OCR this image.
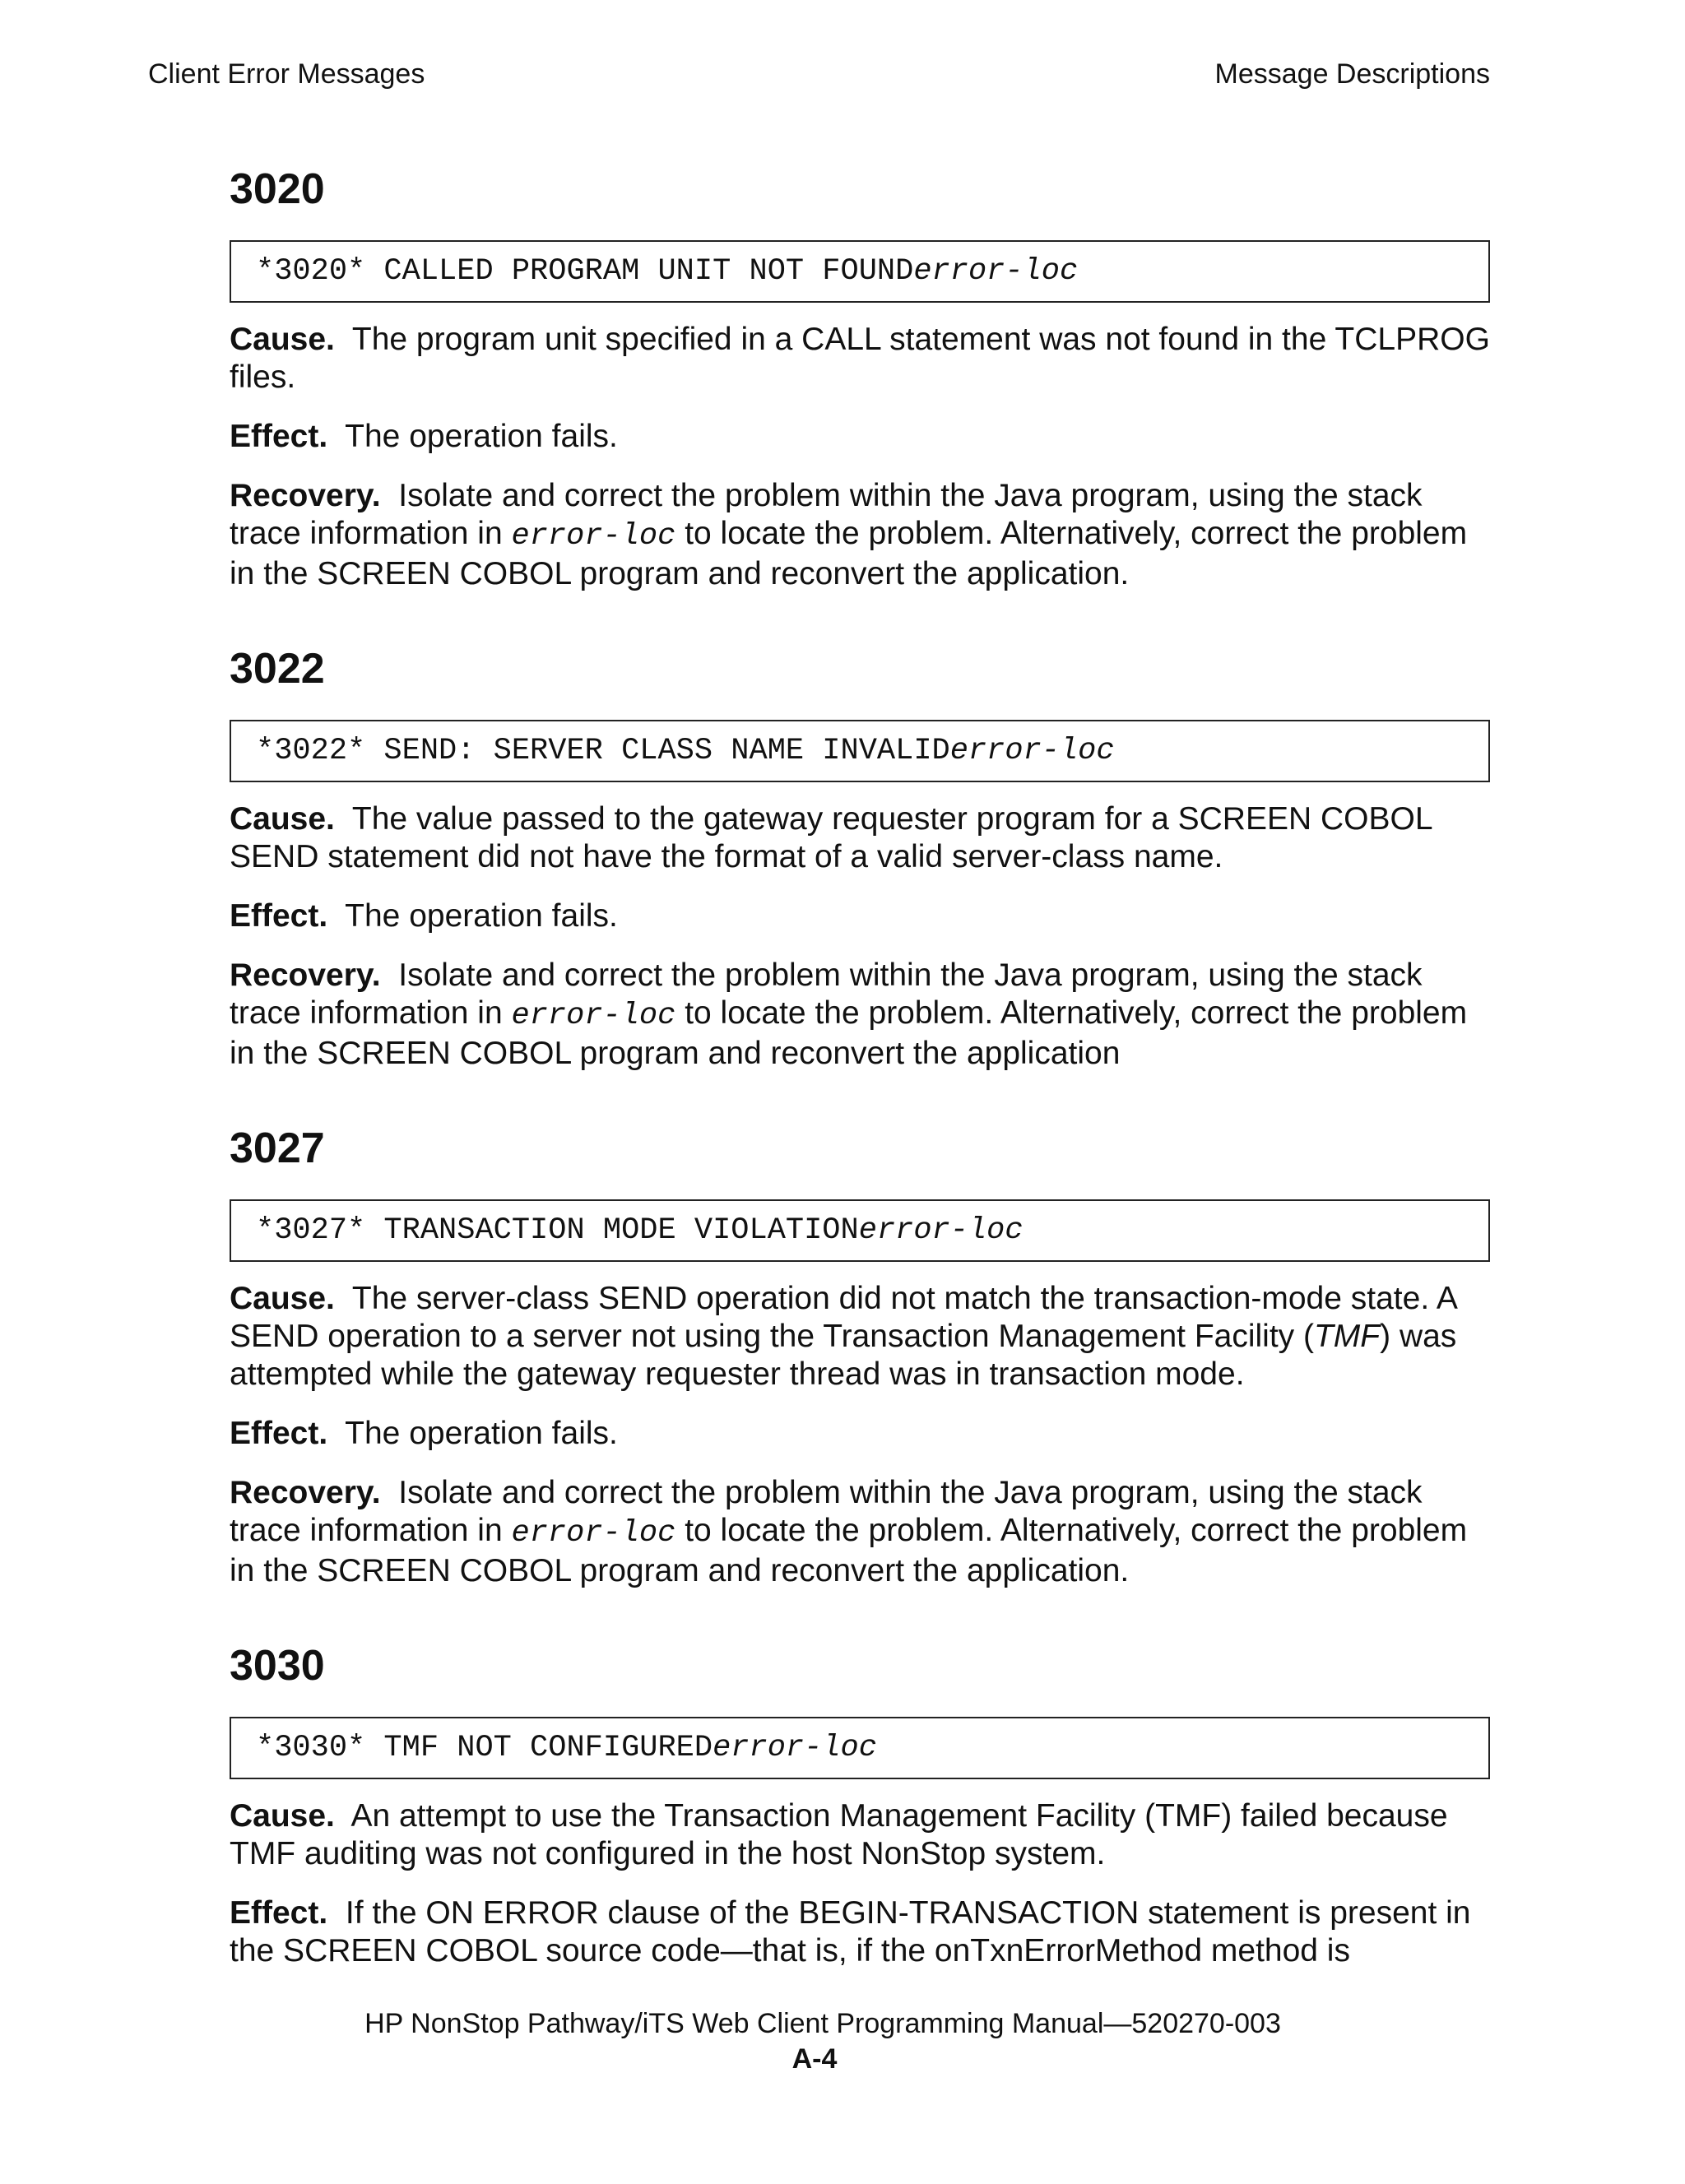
Client Error Messages	Message Descriptions
3020
*3020* CALLED PROGRAM UNIT NOT FOUND error-loc

Cause. The program unit specified in a CALL statement was not found in the TCLPROG files.

Effect. The operation fails.

Recovery. Isolate and correct the problem within the Java program, using the stack trace information in error-loc to locate the problem. Alternatively, correct the problem in the SCREEN COBOL program and reconvert the application.

3022
*3022* SEND: SERVER CLASS NAME INVALID error-loc

Cause. The value passed to the gateway requester program for a SCREEN COBOL SEND statement did not have the format of a valid server-class name.

Effect. The operation fails.

Recovery. Isolate and correct the problem within the Java program, using the stack trace information in error-loc to locate the problem. Alternatively, correct the problem in the SCREEN COBOL program and reconvert the application

3027
*3027* TRANSACTION MODE VIOLATION error-loc

Cause. The server-class SEND operation did not match the transaction-mode state. A SEND operation to a server not using the Transaction Management Facility (TMF) was attempted while the gateway requester thread was in transaction mode.

Effect. The operation fails.

Recovery. Isolate and correct the problem within the Java program, using the stack trace information in error-loc to locate the problem. Alternatively, correct the problem in the SCREEN COBOL program and reconvert the application.

3030
*3030* TMF NOT CONFIGURED error-loc

Cause. An attempt to use the Transaction Management Facility (TMF) failed because TMF auditing was not configured in the host NonStop system.

Effect. If the ON ERROR clause of the BEGIN-TRANSACTION statement is present in the SCREEN COBOL source code—that is, if the onTxnErrorMethod method is

HP NonStop Pathway/iTS Web Client Programming Manual—520270-003
A-4
